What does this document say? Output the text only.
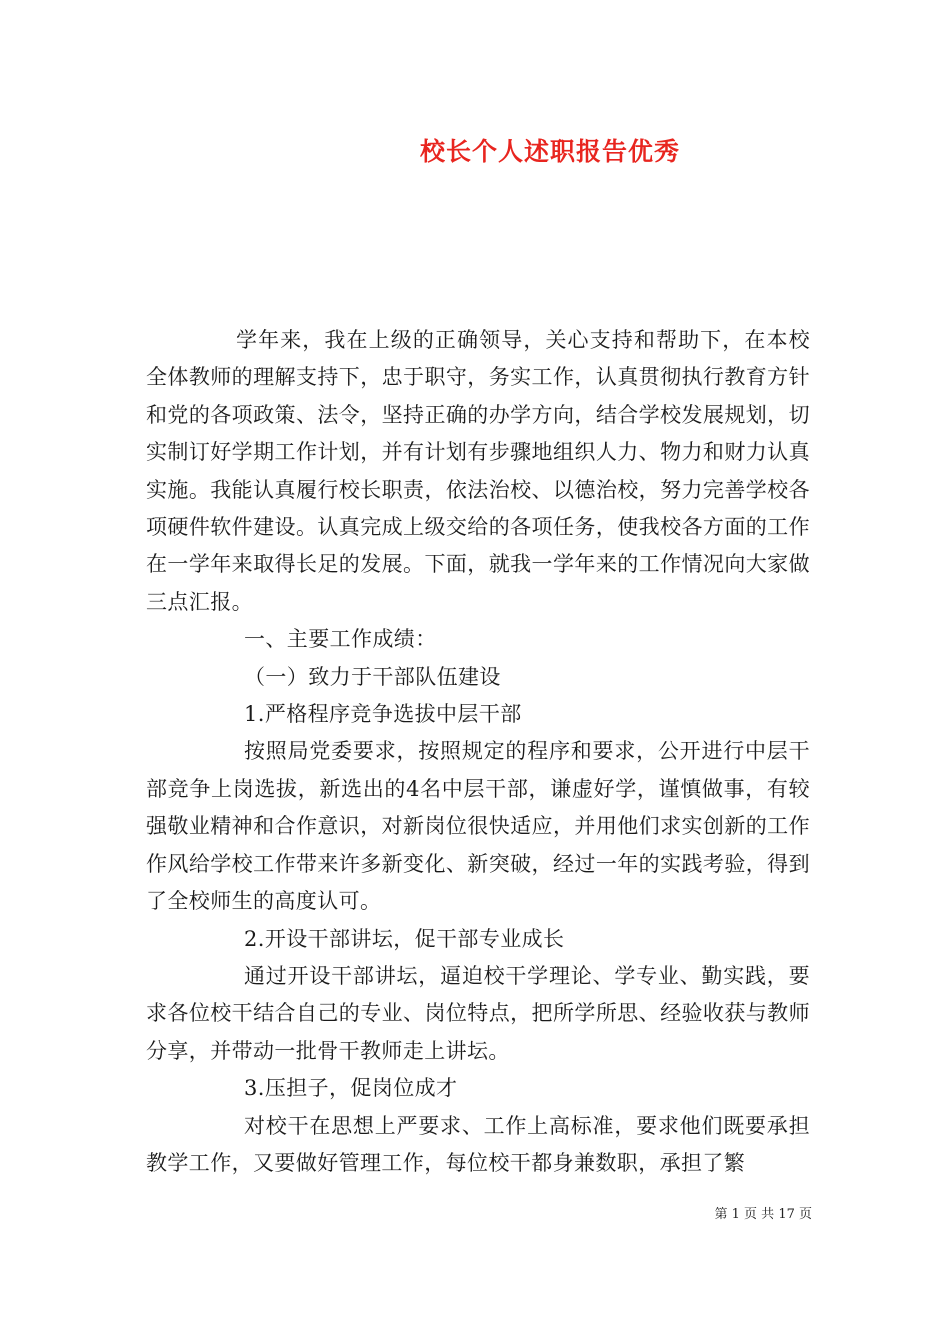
校长个人述职报告优秀

学年来，我在上级的正确领导，关心支持和帮助下，在本校全体教师的理解支持下，忠于职守，务实工作，认真贯彻执行教育方针和党的各项政策、法令，坚持正确的办学方向，结合学校发展规划，切实制订好学期工作计划，并有计划有步骤地组织人力、物力和财力认真实施。我能认真履行校长职责，依法治校、以德治校，努力完善学校各项硬件软件建设。认真完成上级交给的各项任务，使我校各方面的工作在一学年来取得长足的发展。下面，就我一学年来的工作情况向大家做三点汇报。

一、主要工作成绩：

（一）致力于干部队伍建设

1.严格程序竞争选拔中层干部

按照局党委要求，按照规定的程序和要求，公开进行中层干部竞争上岗选拔，新选出的4名中层干部，谦虚好学，谨慎做事，有较强敬业精神和合作意识，对新岗位很快适应，并用他们求实创新的工作作风给学校工作带来许多新变化、新突破，经过一年的实践考验，得到了全校师生的高度认可。

2.开设干部讲坛，促干部专业成长

通过开设干部讲坛，逼迫校干学理论、学专业、勤实践，要求各位校干结合自己的专业、岗位特点，把所学所思、经验收获与教师分享，并带动一批骨干教师走上讲坛。

3.压担子，促岗位成才

对校干在思想上严要求、工作上高标准，要求他们既要承担教学工作，又要做好管理工作，每位校干都身兼数职，承担了繁

第 1 页 共 17 页
